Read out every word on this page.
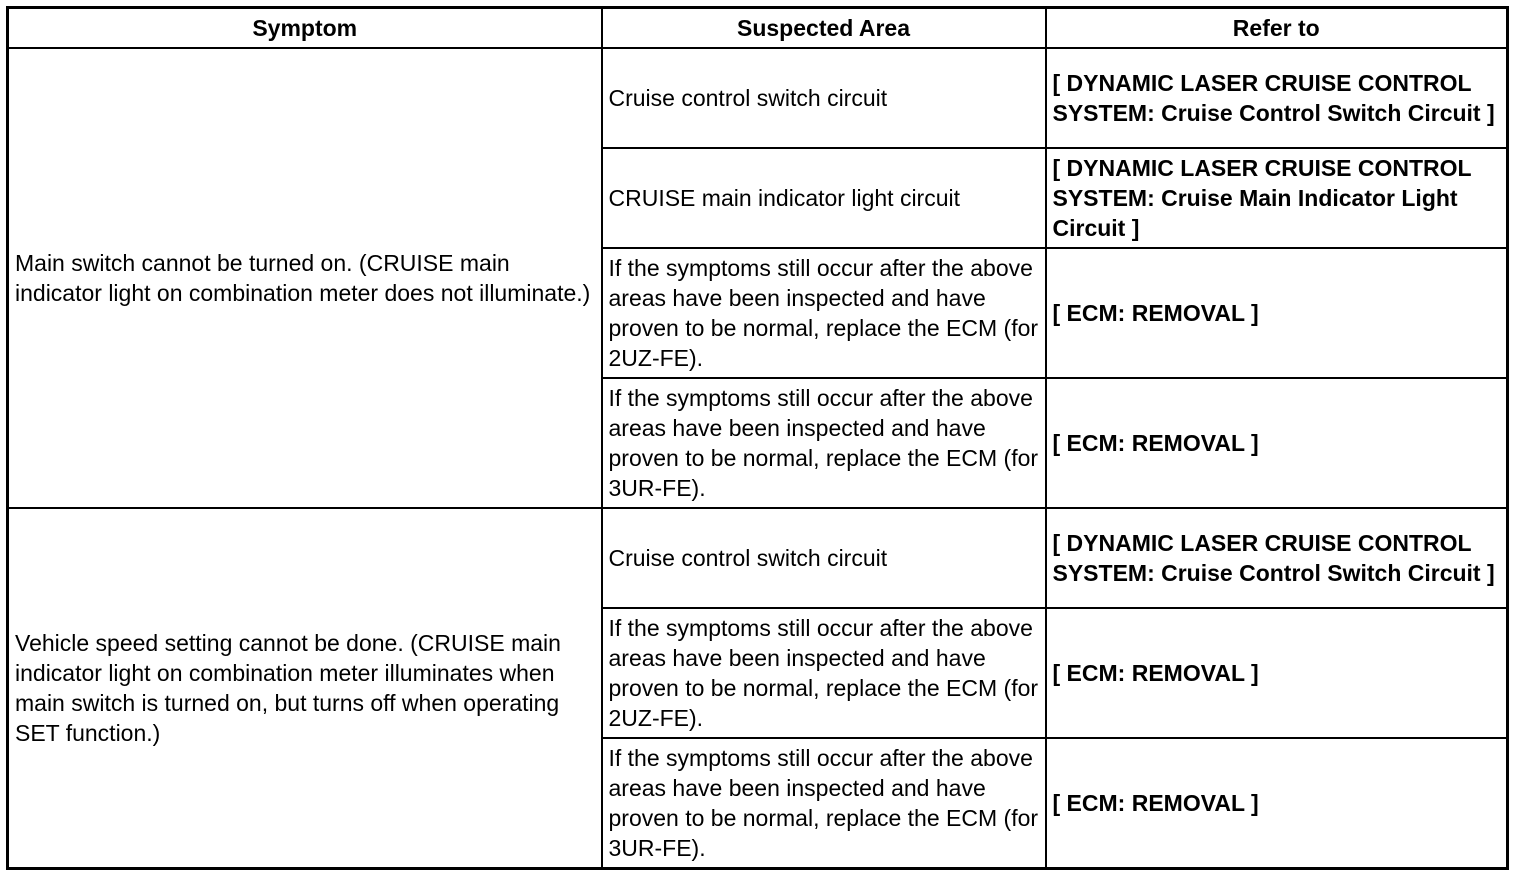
Symptom	Suspected Area	Refer to
Main switch cannot be turned on. (CRUISE main indicator light on combination meter does not illuminate.)	Cruise control switch circuit	[ DYNAMIC LASER CRUISE CONTROL SYSTEM: Cruise Control Switch Circuit ]
	CRUISE main indicator light circuit	[ DYNAMIC LASER CRUISE CONTROL SYSTEM: Cruise Main Indicator Light Circuit ]
	If the symptoms still occur after the above areas have been inspected and have proven to be normal, replace the ECM (for 2UZ-FE).	[ ECM: REMOVAL ]
	If the symptoms still occur after the above areas have been inspected and have proven to be normal, replace the ECM (for 3UR-FE).	[ ECM: REMOVAL ]
Vehicle speed setting cannot be done. (CRUISE main indicator light on combination meter illuminates when main switch is turned on, but turns off when operating SET function.)	Cruise control switch circuit	[ DYNAMIC LASER CRUISE CONTROL SYSTEM: Cruise Control Switch Circuit ]
	If the symptoms still occur after the above areas have been inspected and have proven to be normal, replace the ECM (for 2UZ-FE).	[ ECM: REMOVAL ]
	If the symptoms still occur after the above areas have been inspected and have proven to be normal, replace the ECM (for 3UR-FE).	[ ECM: REMOVAL ]
